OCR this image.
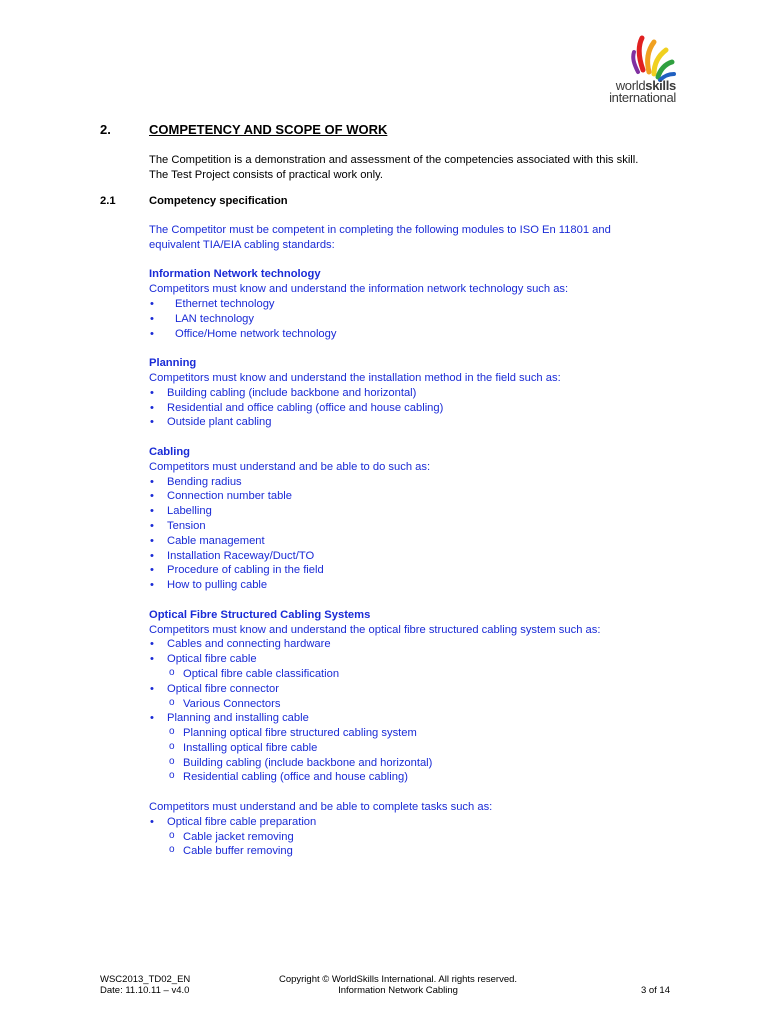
worldskills
international
2.	COMPETENCY AND SCOPE OF WORK
The Competition is a demonstration and assessment of the competencies associated with this skill.
The Test Project consists of practical work only.
2.1	Competency specification

The Competitor must be competent in completing the following modules to ISO En 11801 and

equivalent TIA/EIA cabling standards:

Information Network technology

Competitors must know and understand the information network technology such as:

• Ethernet technology
• LAN technology
• Office/Home network technology

Planning

Competitors must know and understand the installation method in the field such as:

• Building cabling (include backbone and horizontal)
• Residential and office cabling (office and house cabling)
• Outside plant cabling

Cabling

Competitors must understand and be able to do such as:

• Bending radius
• Connection number table
• Labelling
• Tension
• Cable management
• Installation Raceway/Duct/TO
• Procedure of cabling in the field
• How to pulling cable

Optical Fibre Structured Cabling Systems

Competitors must know and understand the optical fibre structured cabling system such as:

• Cables and connecting hardware
• Optical fibre cable
o Optical fibre cable classification
• Optical fibre connector
o Various Connectors
• Planning and installing cable
o Planning optical fibre structured cabling system
o Installing optical fibre cable
o Building cabling (include backbone and horizontal)
o Residential cabling (office and house cabling)

Competitors must understand and be able to complete tasks such as:

• Optical fibre cable preparation
o Cable jacket removing
o Cable buffer removing
WSC2013_TD02_EN
Date: 11.10.11 – v4.0
Copyright © WorldSkills International. All rights reserved.
Information Network Cabling	3 of 14
